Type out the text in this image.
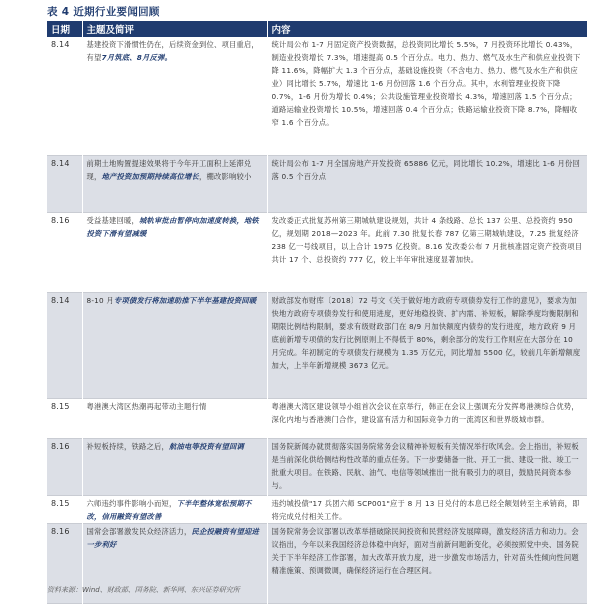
表 4 近期行业要闻回顾
日期	主题及简评	内容
8.14	基建投资下滑惯性仍在，后续资金到位、项目重启，有望7月筑底、8月反弹。	统计局公布 1-7 月固定资产投资数据，总投资同比增长 5.5%，7 月投资环比增长 0.43%，制造业投资增长 7.3%，增速提高 0.5 个百分点。电力、热力、燃气及水生产和供应业投资下降 11.6%，降幅扩大 1.3 个百分点，基础设施投资（不含电力、热力、燃气及水生产和供应业）同比增长 5.7%，增速比 1-6 月份回落 1.6 个百分点。其中，水利管理业投资下降 0.7%，1-6 月份为增长 0.4%；公共设施管理业投资增长 4.3%，增速回落 1.5 个百分点；道路运输业投资增长 10.5%，增速回落 0.4 个百分点；铁路运输业投资下降 8.7%，降幅收窄 1.6 个百分点。
8.14	前期土地购置提速效果将于今年开工面积上延滞兑现，地产投资加预期持续高位增长，棚改影响较小	统计局公布 1-7 月全国房地产开发投资 65886 亿元，同比增长 10.2%，增速比 1-6 月份回落 0.5 个百分点
8.16	受益基建回暖，城轨审批由暂停向加速度转换，地铁投资下滑有望减缓	发改委正式批复苏州第三期城轨建设规划，共计 4 条线路、总长 137 公里、总投资约 950 亿，规划期 2018—2023 年。此前 7.30 批复长春 787 亿第三期城轨建设，7.25 批复经济 238 亿一号线项目，以上合计 1975 亿投资。8.16 发改委公布 7 月批核准固定资产投资项目共计 17 个、总投资约 777 亿，较上半年审批速度显著加快。
8.14	8-10 月专项债发行将加速助推下半年基建投资回暖	财政部发布财库〔2018〕72 号文《关于做好地方政府专项债券发行工作的意见》，要求为加快地方政府专项债券发行和使用进度，更好地稳投资、扩内需、补短板，解除季度均衡限制和期限比例结构限制，要求有级财政部门在 8/9 月加快额度内债券的发行进度，地方政府 9 月底前新增专项债的发行比例原则上不得低于 80%，剩余部分的发行工作则应在大部分在 10 月完成。年初制定的专项债发行规模为 1.35 万亿元，同比增加 5500 亿，较前几年新增额度加大，上半年新增规模 3673 亿元。
8.15	粤港澳大湾区热潮再起带动主题行情	粤港澳大湾区建设领导小组首次会议在京举行，韩正在会议上强调充分发挥粤港澳综合优势，深化内地与香港澳门合作，建设富有活力和国际竞争力的一流湾区和世界级城市群。
8.16	补短板持续，铁路之后，航油电等投资有望回调	国务院新闻办就贯彻落实国务院常务会议精神补短板有关情况举行吹风会。会上指出，补短板是当前深化供给侧结构性改革的重点任务。下一步要储备一批、开工一批、建设一批、竣工一批重大项目。在铁路、民航、油气、电信等领域推出一批有吸引力的项目，鼓励民间资本参与。
8.15	六师违约事件影响小而短，下半年整体宽松预期不改，信用融资有望改善	违约城投债"17 兵团六师 SCP001"应于 8 月 13 日兑付的本息已经全额划转至主承销商，即将完成兑付相关工作。
8.16	国常会部署激发民众经济活力，民企投融资有望迎进一步利好	国务院常务会议部署以改革举措破除民间投资和民营经济发展障碍，激发经济活力和动力。会议指出，今年以来我国经济总体稳中向好，面对当前新问题新变化，必须按照党中央、国务院关于下半年经济工作部署，加大改革开放力度，进一步激发市场活力，针对苗头性倾向性问题精准施策、预调微调，确保经济运行在合理区间。
资料来源：Wind、财政部、国务院、新华网、东兴证券研究所
